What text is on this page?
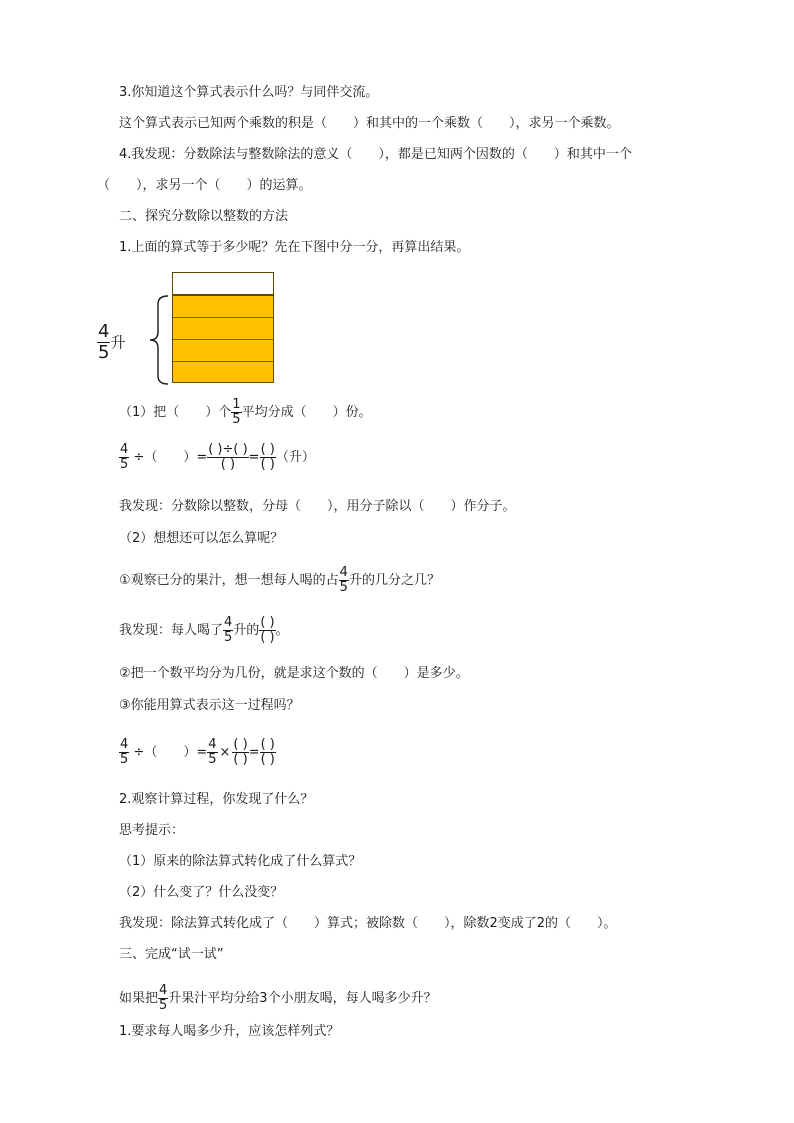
3.你知道这个算式表示什么吗？与同伴交流。
这个算式表示已知两个乘数的积是（　　）和其中的一个乘数（　　），求另一个乘数。
4.我发现：分数除法与整数除法的意义（　　），都是已知两个因数的（　　）和其中一个
（　　），求另一个（　　）的运算。
二、探究分数除以整数的方法
1.上面的算式等于多少呢？先在下图中分一分，再算出结果。
$\frac{4}{5}$ 升
（1）把（　　）个 $\frac{1}{5}$ 平均分成（　　）份。
$\frac{4}{5}$ ÷（　　）= $\frac{( )\div( )}{( )} = \frac{( )}{( )}$ （升）
我发现：分数除以整数，分母（　　），用分子除以（　　）作分子。
（2）想想还可以怎么算呢？
①观察已分的果汁，想一想每人喝的占 $\frac{4}{5}$ 升的几分之几？
我发现：每人喝了 $\frac{4}{5}$ 升的 $\frac{( )}{( )}$ 。
②把一个数平均分为几份，就是求这个数的（　　）是多少。
③你能用算式表示这一过程吗？
$\frac{4}{5}$ ÷（　　）= $\frac{4}{5} \times \frac{( )}{( )} = \frac{( )}{( )}$
2.观察计算过程，你发现了什么？
思考提示：
（1）原来的除法算式转化成了什么算式？
（2）什么变了？什么没变？
我发现：除法算式转化成了（　　）算式；被除数（　　），除数2变成了2的（　　）。
三、完成“试一试”
如果把 $\frac{4}{5}$ 升果汁平均分给3个小朋友喝，每人喝多少升？
1.要求每人喝多少升，应该怎样列式？
